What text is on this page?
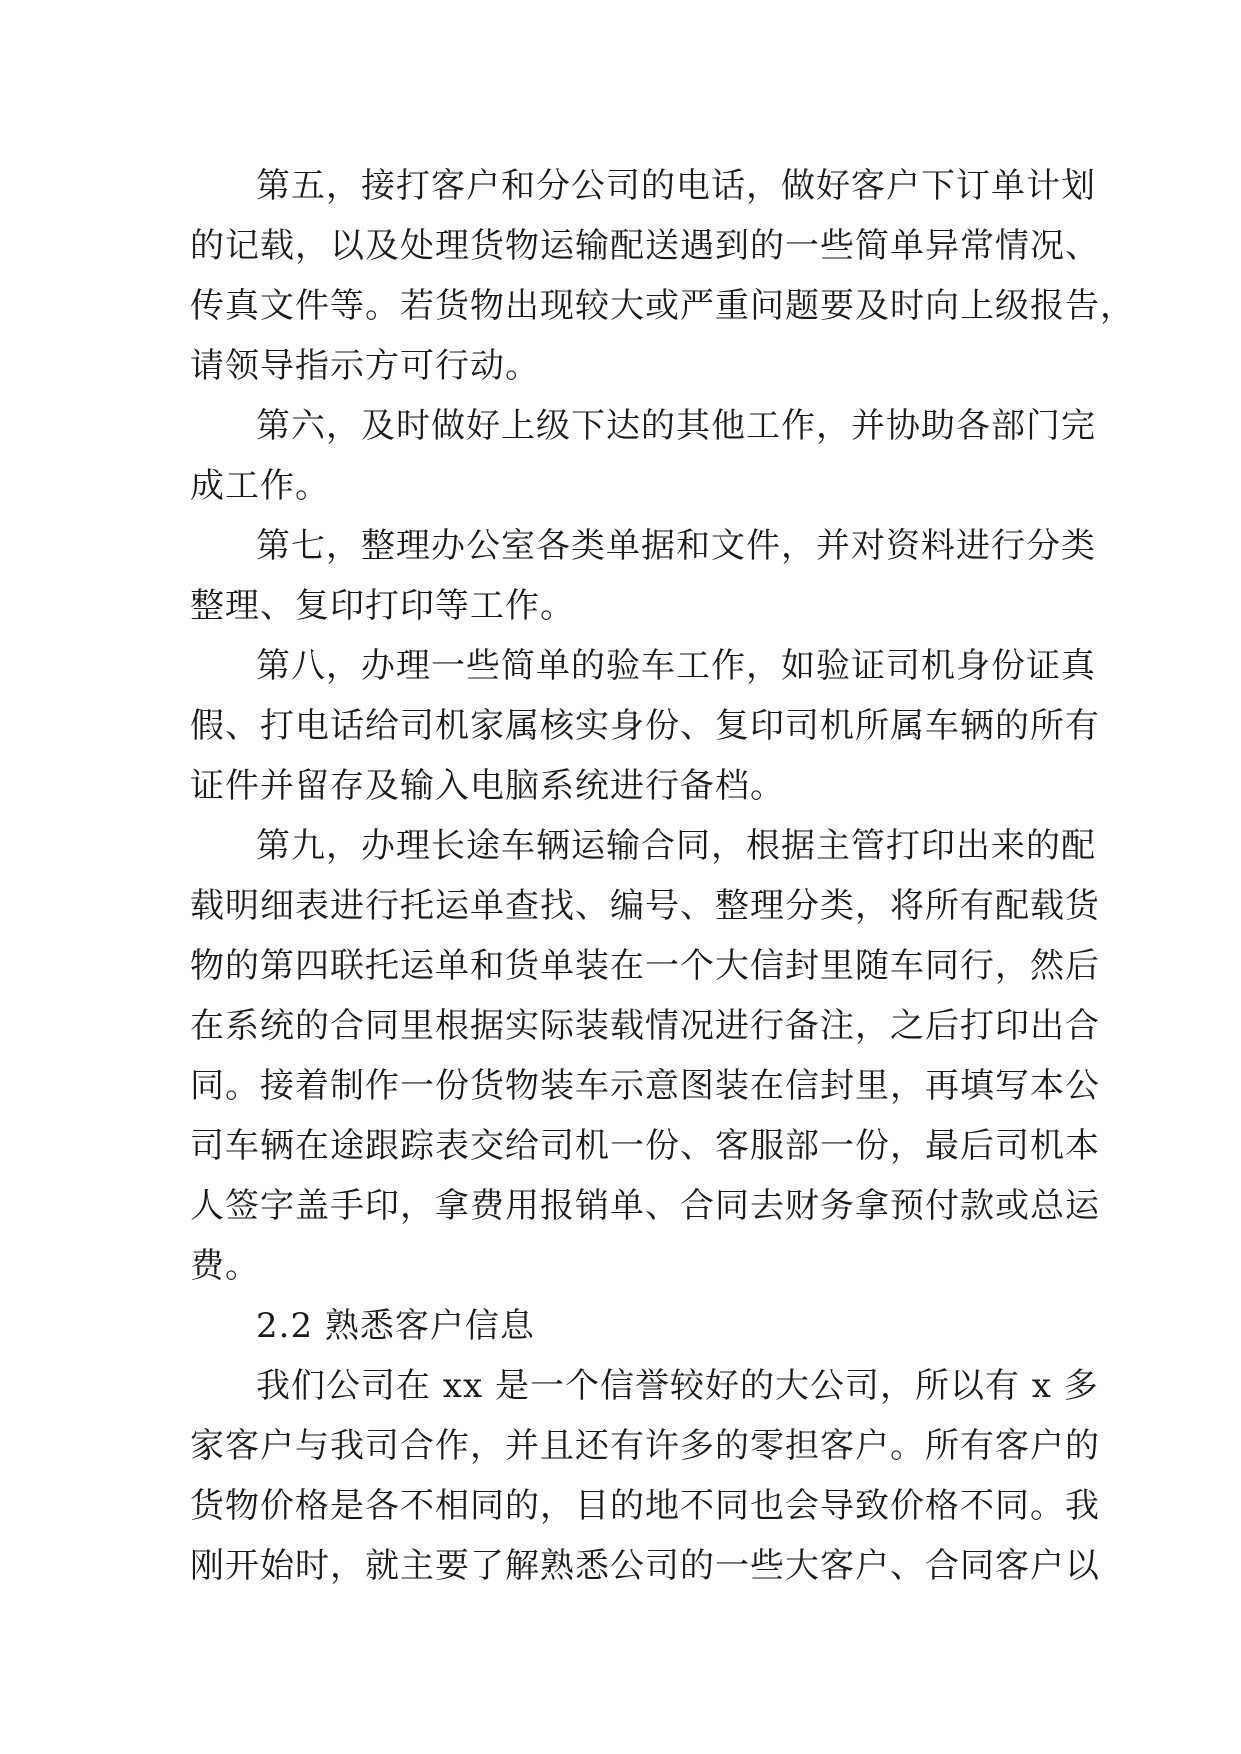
第五，接打客户和分公司的电话，做好客户下订单计划

的记载，以及处理货物运输配送遇到的一些简单异常情况、

传真文件等。若货物出现较大或严重问题要及时向上级报告，

请领导指示方可行动。

第六，及时做好上级下达的其他工作，并协助各部门完

成工作。

第七，整理办公室各类单据和文件，并对资料进行分类

整理、复印打印等工作。

第八，办理一些简单的验车工作，如验证司机身份证真

假、打电话给司机家属核实身份、复印司机所属车辆的所有

证件并留存及输入电脑系统进行备档。

第九，办理长途车辆运输合同，根据主管打印出来的配

载明细表进行托运单查找、编号、整理分类，将所有配载货

物的第四联托运单和货单装在一个大信封里随车同行，然后

在系统的合同里根据实际装载情况进行备注，之后打印出合

同。接着制作一份货物装车示意图装在信封里，再填写本公

司车辆在途跟踪表交给司机一份、客服部一份，最后司机本

人签字盖手印，拿费用报销单、合同去财务拿预付款或总运

费。

2.2 熟悉客户信息

我们公司在 xx 是一个信誉较好的大公司，所以有 x 多

家客户与我司合作，并且还有许多的零担客户。所有客户的

货物价格是各不相同的，目的地不同也会导致价格不同。我

刚开始时，就主要了解熟悉公司的一些大客户、合同客户以
